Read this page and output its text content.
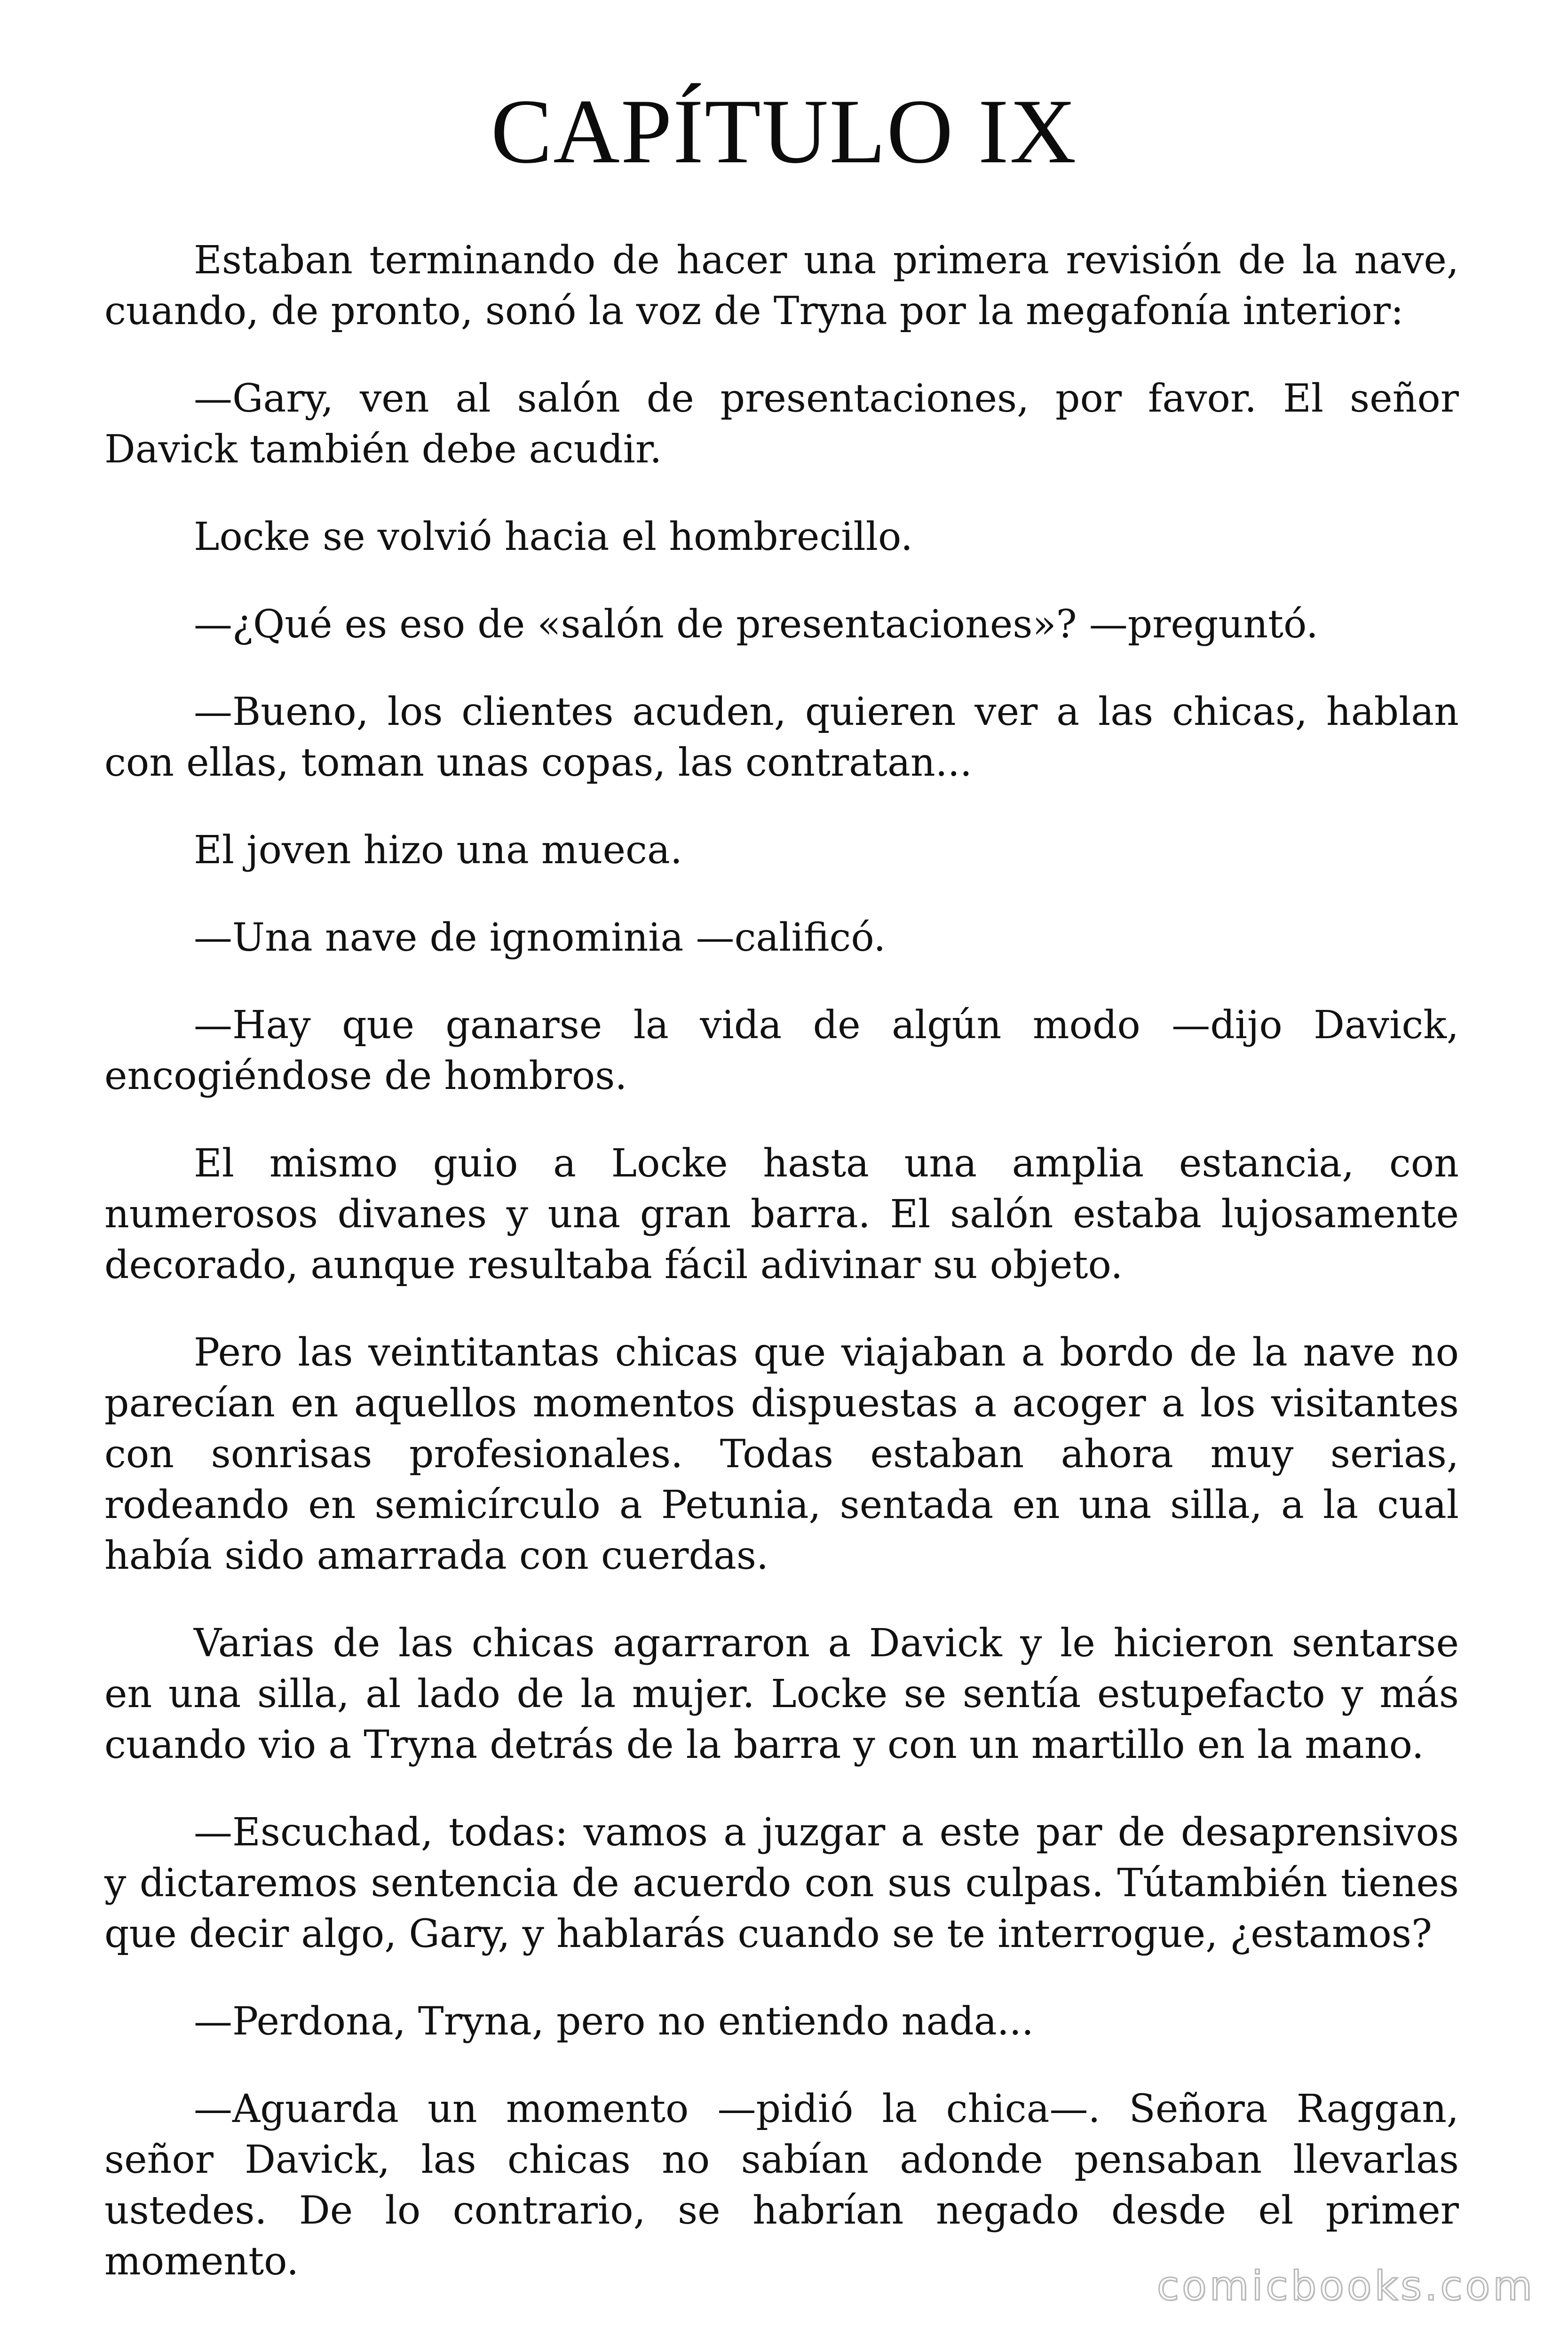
CAPÍTULO IX

Estaban terminando de hacer una primera revisión de la nave, cuando, de pronto, sonó la voz de Tryna por la megafonía interior:

—Gary, ven al salón de presentaciones, por favor. El señor Davick también debe acudir.

Locke se volvió hacia el hombrecillo.

—¿Qué es eso de «salón de presentaciones»? —preguntó.

—Bueno, los clientes acuden, quieren ver a las chicas, hablan con ellas, toman unas copas, las contratan...

El joven hizo una mueca.

—Una nave de ignominia —calificó.

—Hay que ganarse la vida de algún modo —dijo Davick, encogiéndose de hombros.

El mismo guio a Locke hasta una amplia estancia, con numerosos divanes y una gran barra. El salón estaba lujosamente decorado, aunque resultaba fácil adivinar su objeto.

Pero las veintitantas chicas que viajaban a bordo de la nave no parecían en aquellos momentos dispuestas a acoger a los visitantes con sonrisas profesionales. Todas estaban ahora muy serias, rodeando en semicírculo a Petunia, sentada en una silla, a la cual había sido amarrada con cuerdas.

Varias de las chicas agarraron a Davick y le hicieron sentarse en una silla, al lado de la mujer. Locke se sentía estupefacto y más cuando vio a Tryna detrás de la barra y con un martillo en la mano.

—Escuchad, todas: vamos a juzgar a este par de desaprensivos y dictaremos sentencia de acuerdo con sus culpas. Tútambién tienes que decir algo, Gary, y hablarás cuando se te interrogue, ¿estamos?

—Perdona, Tryna, pero no entiendo nada...

—Aguarda un momento —pidió la chica—. Señora Raggan, señor Davick, las chicas no sabían adonde pensaban llevarlas ustedes. De lo contrario, se habrían negado desde el primer momento.

comicbooks.com
